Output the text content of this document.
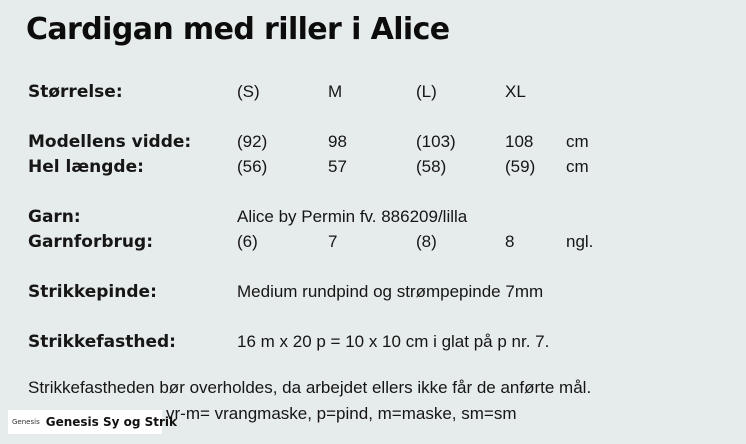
Cardigan med riller i Alice
Størrelse:	(S)	M	(L)	XL
Modellens vidde:	(92)	98	(103)	108 cm
Hel længde:	(56)	57	(58)	(59) cm
Garn:	Alice by Permin fv. 886209/lilla
Garnforbrug:	(6)	7	(8)	8	ngl.
Strikkepinde:	Medium rundpind og strømpepinde 7mm
Strikkefasthed:	16 m x 20 p = 10 x 10 cm i glat på p nr. 7.
Strikkefastheden bør overholdes, da arbejdet ellers ikke får de anførte mål.
vr-m= vrangmaske, p=pind, m=maske, sm=sm
Genesis Genesis Sy og Strik
